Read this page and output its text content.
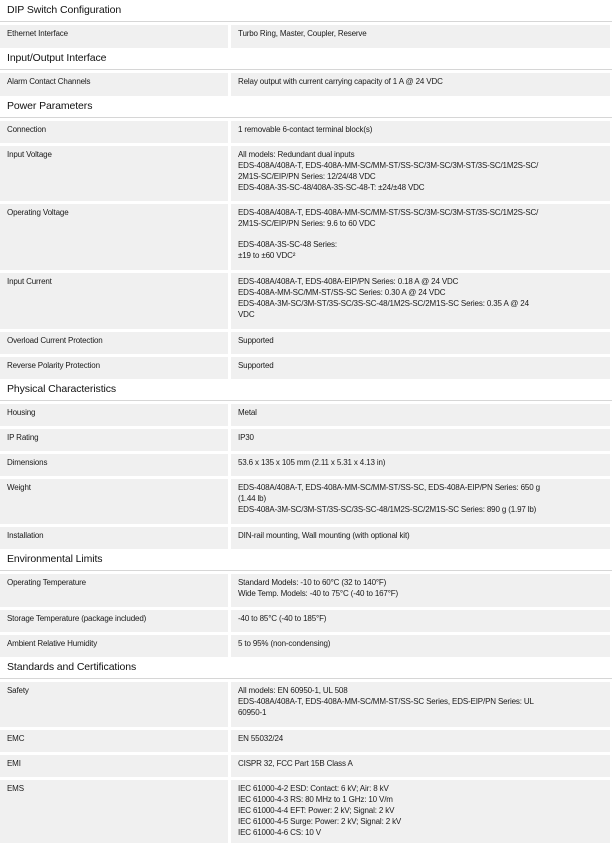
DIP Switch Configuration
Ethernet Interface	Turbo Ring, Master, Coupler, Reserve
Input/Output Interface
Alarm Contact Channels	Relay output with current carrying capacity of 1 A @ 24 VDC
Power Parameters
Connection	1 removable 6-contact terminal block(s)
Input Voltage	All models: Redundant dual inputs
EDS-408A/408A-T, EDS-408A-MM-SC/MM-ST/SS-SC/3M-SC/3M-ST/3S-SC/1M2S-SC/
2M1S-SC/EIP/PN Series: 12/24/48 VDC
EDS-408A-3S-SC-48/408A-3S-SC-48-T: ±24/±48 VDC
Operating Voltage	EDS-408A/408A-T, EDS-408A-MM-SC/MM-ST/SS-SC/3M-SC/3M-ST/3S-SC/1M2S-SC/
2M1S-SC/EIP/PN Series: 9.6 to 60 VDC
EDS-408A-3S-SC-48 Series:
±19 to ±60 VDC²
Input Current	EDS-408A/408A-T, EDS-408A-EIP/PN Series: 0.18 A @ 24 VDC
EDS-408A-MM-SC/MM-ST/SS-SC Series: 0.30 A @ 24 VDC
EDS-408A-3M-SC/3M-ST/3S-SC/3S-SC-48/1M2S-SC/2M1S-SC Series: 0.35 A @ 24
VDC
Overload Current Protection	Supported
Reverse Polarity Protection	Supported
Physical Characteristics
Housing	Metal
IP Rating	IP30
Dimensions	53.6 x 135 x 105 mm (2.11 x 5.31 x 4.13 in)
Weight	EDS-408A/408A-T, EDS-408A-MM-SC/MM-ST/SS-SC, EDS-408A-EIP/PN Series: 650 g
(1.44 lb)
EDS-408A-3M-SC/3M-ST/3S-SC/3S-SC-48/1M2S-SC/2M1S-SC Series: 890 g (1.97 lb)
Installation	DIN-rail mounting, Wall mounting (with optional kit)
Environmental Limits
Operating Temperature	Standard Models: -10 to 60°C (32 to 140°F)
Wide Temp. Models: -40 to 75°C (-40 to 167°F)
Storage Temperature (package included)	-40 to 85°C (-40 to 185°F)
Ambient Relative Humidity	5 to 95% (non-condensing)
Standards and Certifications
Safety	All models: EN 60950-1, UL 508
EDS-408A/408A-T, EDS-408A-MM-SC/MM-ST/SS-SC Series, EDS-EIP/PN Series: UL
60950-1
EMC	EN 55032/24
EMI	CISPR 32, FCC Part 15B Class A
EMS	IEC 61000-4-2 ESD: Contact: 6 kV; Air: 8 kV
IEC 61000-4-3 RS: 80 MHz to 1 GHz: 10 V/m
IEC 61000-4-4 EFT: Power: 2 kV; Signal: 2 kV
IEC 61000-4-5 Surge: Power: 2 kV; Signal: 2 kV
IEC 61000-4-6 CS: 10 V
